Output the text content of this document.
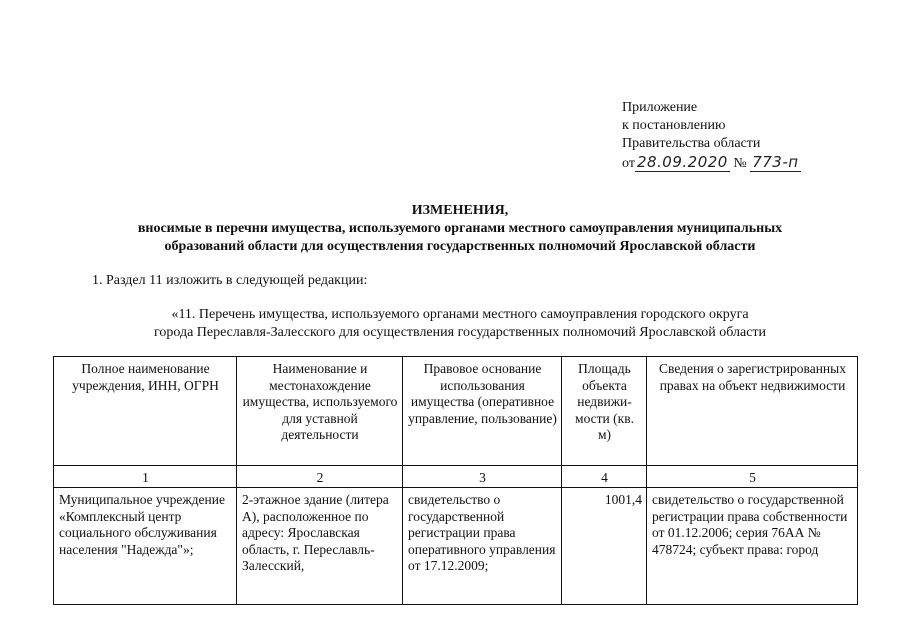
Приложение
к постановлению
Правительства области
от 28.09.2020 № 773-п
ИЗМЕНЕНИЯ,
вносимые в перечни имущества, используемого органами местного самоуправления муниципальных
образований области для осуществления государственных полномочий Ярославской области
1. Раздел 11 изложить в следующей редакции:
«11. Перечень имущества, используемого органами местного самоуправления городского округа
города Переславля-Залесского для осуществления государственных полномочий Ярославской области
Полное наименование учреждения, ИНН, ОГРН	Наименование и местонахождение имущества, используемого для уставной деятельности	Правовое основание использования имущества (оперативное управление, пользование)	Площадь объекта недвижи-мости (кв. м)	Сведения о зарегистрированных правах на объект недвижимости
1	2	3	4	5
Муниципальное учреждение «Комплексный центр социального обслуживания населения "Надежда"»;	2-этажное здание (литера А), расположенное по адресу: Ярославская область, г. Переславль-Залесский,	свидетельство о государственной регистрации права оперативного управления от 17.12.2009;	1001,4	свидетельство о государственной регистрации права собственности от 01.12.2006; серия 76АА № 478724; субъект права: город
